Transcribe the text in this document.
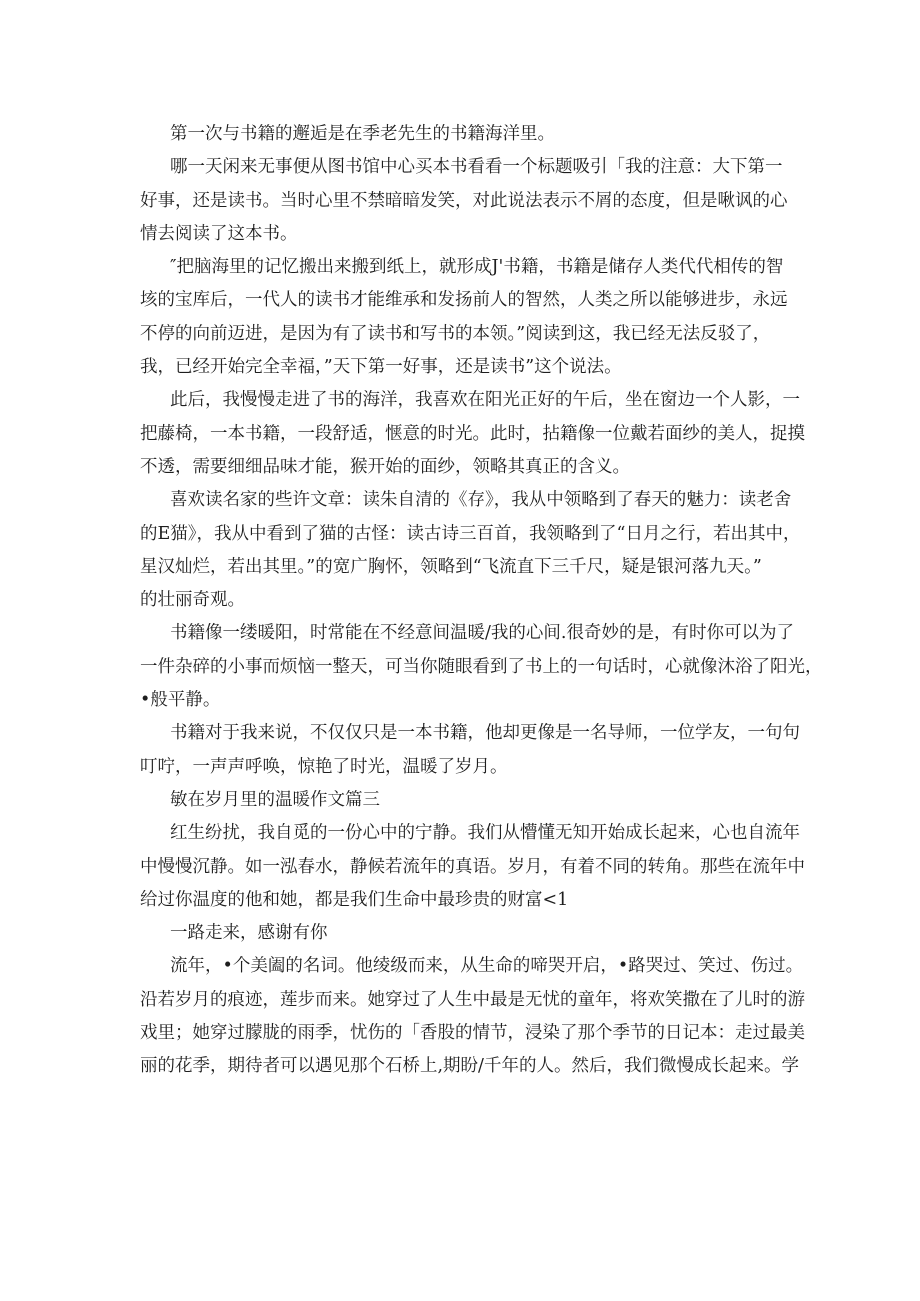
第一次与书籍的邂逅是在季老先生的书籍海洋里。
哪一天闲来无事便从图书馆中心买本书看看一个标题吸引「我的注意：大下第一
好事，还是读书。当时心里不禁暗暗发笑，对此说法表示不屑的态度，但是啾讽的心
情去阅读了这本书。
″把脑海里的记忆搬出来搬到纸上，就形成J'书籍，书籍是储存人类代代相传的智
垓的宝库后，一代人的读书才能维承和发扬前人的智然，人类之所以能够进步，永远
不停的向前迈进，是因为有了读书和写书的本领。”阅读到这，我已经无法反驳了，
我，已经开始完全幸福，”天下第一好事，还是读书”这个说法。
此后，我慢慢走进了书的海洋，我喜欢在阳光正好的午后，坐在窗边一个人影，一
把藤椅，一本书籍，一段舒适，惬意的时光。此时，拈籍像一位戴若面纱的美人，捉摸
不透，需要细细品味才能，猴开始的面纱，领略其真正的含义。
喜欢读名家的些许文章：读朱自清的《存》，我从中领略到了春天的魅力：读老舍
的E猫》，我从中看到了猫的古怪：读古诗三百首，我领略到了“日月之行，若出其中，
星汉灿烂，若出其里。”的宽广胸怀，领略到“飞流直下三千尺，疑是银河落九天。”
的壮丽奇观。
书籍像一缕暖阳，时常能在不经意间温暖/我的心间.很奇妙的是，有时你可以为了
一件杂碎的小事而烦恼一整天，可当你随眼看到了书上的一句话时，心就像沐浴了阳光，
•般平静。
书籍对于我来说，不仅仅只是一本书籍，他却更像是一名导师，一位学友，一句句
叮咛，一声声呼唤，惊艳了时光，温暖了岁月。
敏在岁月里的温暖作文篇三
红生纷扰，我自觅的一份心中的宁静。我们从懵懂无知开始成长起来，心也自流年
中慢慢沉静。如一泓春水，静候若流年的真语。岁月，有着不同的转角。那些在流年中
给过你温度的他和她，都是我们生命中最珍贵的财富<1
一路走来，感谢有你
流年，•个美阖的名词。他绫级而来，从生命的啼哭开启，•路哭过、笑过、伤过。
沿若岁月的痕迹，莲步而来。她穿过了人生中最是无忧的童年，将欢笑撒在了儿时的游
戏里；她穿过朦胧的雨季，忧伤的「香股的情节，浸染了那个季节的日记本：走过最美
丽的花季，期待者可以遇见那个石桥上,期盼/千年的人。然后，我们微慢成长起来。学
